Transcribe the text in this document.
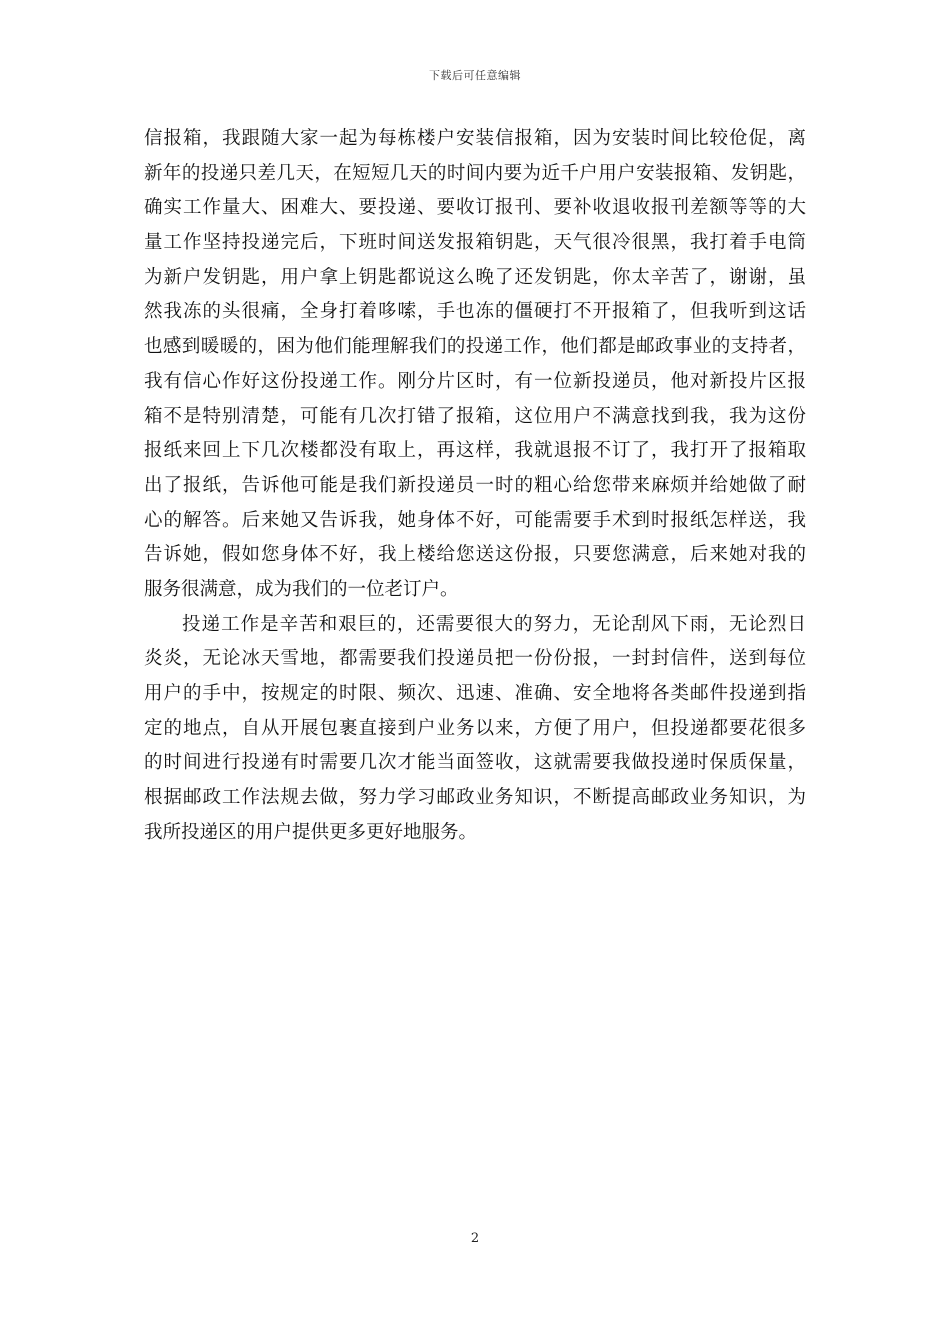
下载后可任意编辑
信报箱，我跟随大家一起为每栋楼户安装信报箱，因为安装时间比较伧促，离
新年的投递只差几天，在短短几天的时间内要为近千户用户安装报箱、发钥匙，
确实工作量大、困难大、要投递、要收订报刊、要补收退收报刊差额等等的大
量工作坚持投递完后，下班时间送发报箱钥匙，天气很冷很黑，我打着手电筒
为新户发钥匙，用户拿上钥匙都说这么晚了还发钥匙，你太辛苦了，谢谢，虽
然我冻的头很痛，全身打着哆嗦，手也冻的僵硬打不开报箱了，但我听到这话
也感到暖暖的，困为他们能理解我们的投递工作，他们都是邮政事业的支持者，
我有信心作好这份投递工作。刚分片区时，有一位新投递员，他对新投片区报
箱不是特别清楚，可能有几次打错了报箱，这位用户不满意找到我，我为这份
报纸来回上下几次楼都没有取上，再这样，我就退报不订了，我打开了报箱取
出了报纸，告诉他可能是我们新投递员一时的粗心给您带来麻烦并给她做了耐
心的解答。后来她又告诉我，她身体不好，可能需要手术到时报纸怎样送，我
告诉她，假如您身体不好，我上楼给您送这份报，只要您满意，后来她对我的
服务很满意，成为我们的一位老订户。
投递工作是辛苦和艰巨的，还需要很大的努力，无论刮风下雨，无论烈日
炎炎，无论冰天雪地，都需要我们投递员把一份份报，一封封信件，送到每位
用户的手中，按规定的时限、频次、迅速、准确、安全地将各类邮件投递到指
定的地点，自从开展包裹直接到户业务以来，方便了用户，但投递都要花很多
的时间进行投递有时需要几次才能当面签收，这就需要我做投递时保质保量，
根据邮政工作法规去做，努力学习邮政业务知识，不断提高邮政业务知识，为
我所投递区的用户提供更多更好地服务。
2
